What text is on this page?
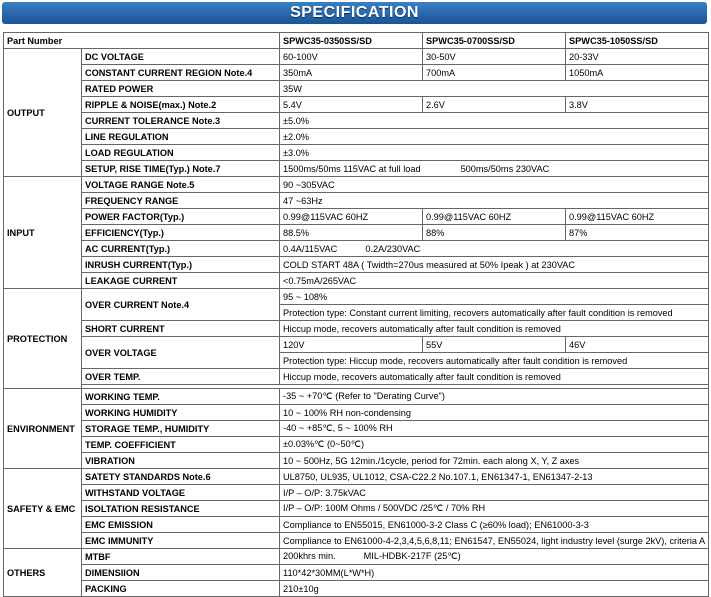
SPECIFICATION
Part Number		SPWC35-0350SS/SD	SPWC35-0700SS/SD	SPWC35-1050SS/SD
OUTPUT	DC VOLTAGE	60-100V	30-50V	20-33V
	CONSTANT CURRENT REGION Note.4	350mA	700mA	1050mA
	RATED POWER	35W		
	RIPPLE & NOISE(max.) Note.2	5.4V	2.6V	3.8V
	CURRENT TOLERANCE Note.3	±5.0%		
	LINE REGULATION	±2.0%		
	LOAD REGULATION	±3.0%		
	SETUP, RISE TIME(Typ.) Note.7	1500ms/50ms 115VAC at full load 500ms/50ms 230VAC		
INPUT	VOLTAGE RANGE Note.5	90 ~305VAC		
	FREQUENCY RANGE	47 ~63Hz		
	POWER FACTOR(Typ.)	0.99@115VAC 60HZ	0.99@115VAC 60HZ	0.99@115VAC 60HZ
	EFFICIENCY(Typ.)	88.5%	88%	87%
	AC CURRENT(Typ.)	0.4A/115VAC 0.2A/230VAC		
	INRUSH CURRENT(Typ.)	COLD START 48A ( Twidth=270us measured at 50% Ipeak ) at 230VAC		
	LEAKAGE CURRENT	<0.75mA/265VAC		
PROTECTION	OVER CURRENT Note.4	95 ~ 108%		
		Protection type: Constant current limiting, recovers automatically after fault condition is removed		
	SHORT CURRENT	Hiccup mode, recovers automatically after fault condition is removed		
	OVER VOLTAGE	120V	55V	46V
		Protection type: Hiccup mode, recovers automatically after fault condition is removed		
	OVER TEMP.	Hiccup mode, recovers automatically after fault condition is removed		

ENVIRONMENT	WORKING TEMP.	-35 ~ +70℃ (Refer to "Derating Curve")		
	WORKING HUMIDITY	10 ~ 100% RH non-condensing		
	STORAGE TEMP., HUMIDITY	-40 ~ +85℃, 5 ~ 100% RH		
	TEMP. COEFFICIENT	±0.03%℃ (0~50℃)		
	VIBRATION	10 ~ 500Hz, 5G 12min./1cycle, period for 72min. each along X, Y, Z axes		
SAFETY & EMC	SATETY STANDARDS Note.6	UL8750, UL935, UL1012, CSA-C22.2 No.107.1, EN61347-1, EN61347-2-13		
	WITHSTAND VOLTAGE	I/P – O/P: 3.75kVAC		
	ISOLTATION RESISTANCE	I/P – O/P: 100M Ohms / 500VDC /25℃ / 70% RH		
	EMC EMISSION	Compliance to EN55015, EN61000-3-2 Class C (≥60% load); EN61000-3-3		
	EMC IMMUNITY	Compliance to EN61000-4-2,3,4,5,6,8,11; EN61547, EN55024, light industry level (surge 2kV), criteria A		
OTHERS	MTBF	200khrs min. MIL-HDBK-217F (25℃)		
	DIMENSIION	110*42*30MM(L*W*H)		
	PACKING	210±10g		
